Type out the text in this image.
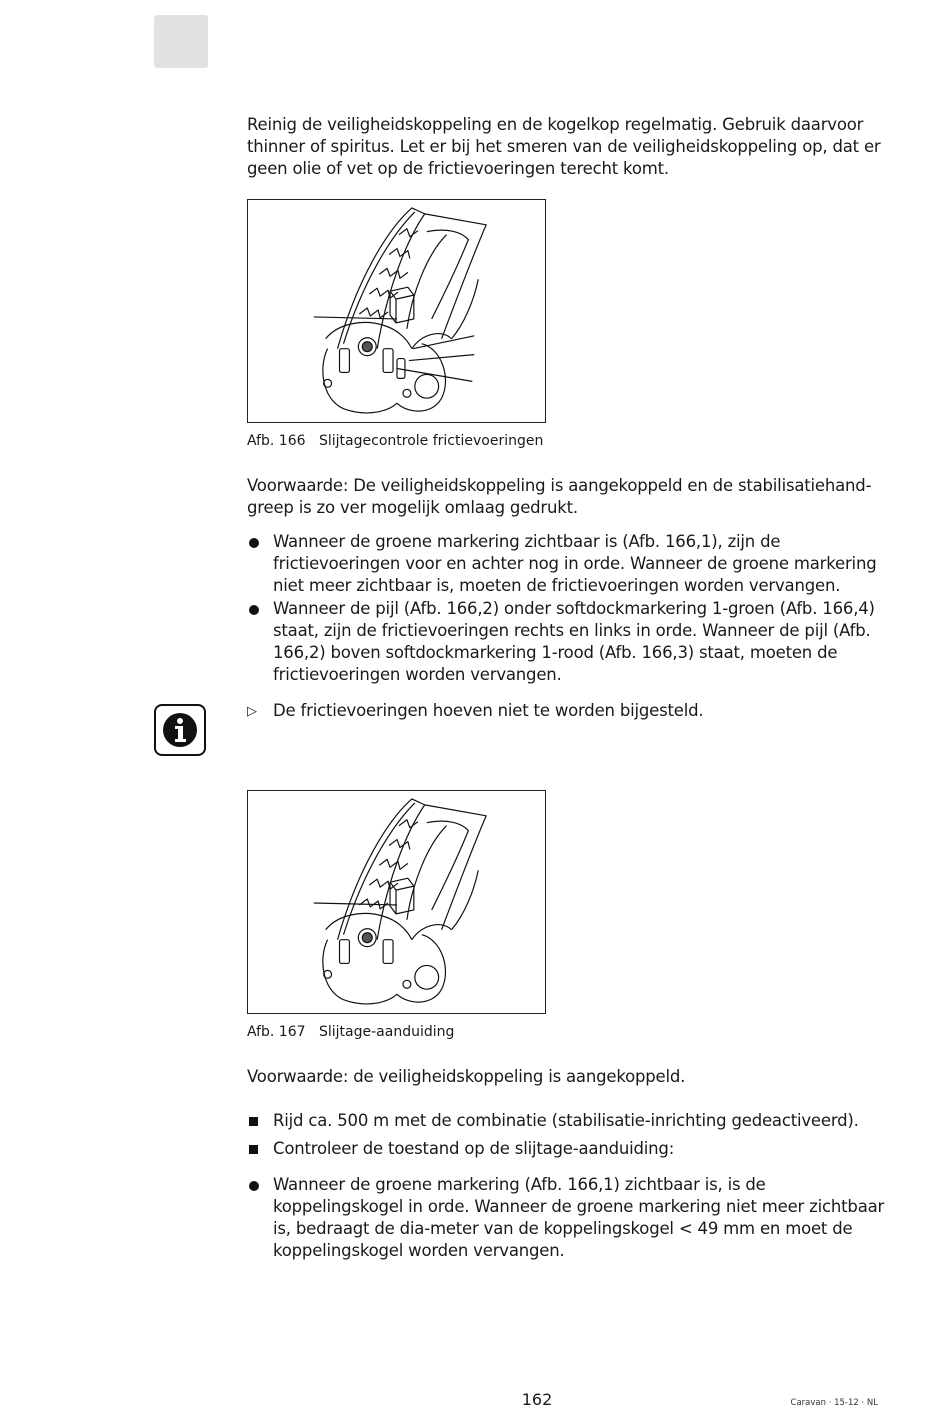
Reinig de veiligheidskoppeling en de kogelkop regelmatig. Gebruik daarvoor thinner of spiritus. Let er bij het smeren van de veiligheidskoppeling op, dat er geen olie of vet op de frictievoeringen terecht komt.

Afb. 166 Slijtagecontrole frictievoeringen

Voorwaarde: De veiligheidskoppeling is aangekoppeld en de stabilisatiehand-greep is zo ver mogelijk omlaag gedrukt.

Wanneer de groene markering zichtbaar is (Afb. 166,1), zijn de frictievoeringen voor en achter nog in orde. Wanneer de groene markering niet meer zichtbaar is, moeten de frictievoeringen worden vervangen.
Wanneer de pijl (Afb. 166,2) onder softdockmarkering 1-groen (Afb. 166,4) staat, zijn de frictievoeringen rechts en links in orde. Wanneer de pijl (Afb. 166,2) boven softdockmarkering 1-rood (Afb. 166,3) staat, moeten de frictievoeringen worden vervangen.
▷ De frictievoeringen hoeven niet te worden bijgesteld.
Afb. 167 Slijtage-aanduiding

Voorwaarde: de veiligheidskoppeling is aangekoppeld.

Rijd ca. 500 m met de combinatie (stabilisatie-inrichting gedeactiveerd).
Controleer de toestand op de slijtage-aanduiding:
Wanneer de groene markering (Afb. 166,1) zichtbaar is, is de koppelingskogel in orde. Wanneer de groene markering niet meer zichtbaar is, bedraagt de dia-meter van de koppelingskogel < 49 mm en moet de koppelingskogel worden vervangen.
162	Caravan · 15-12 · NL
